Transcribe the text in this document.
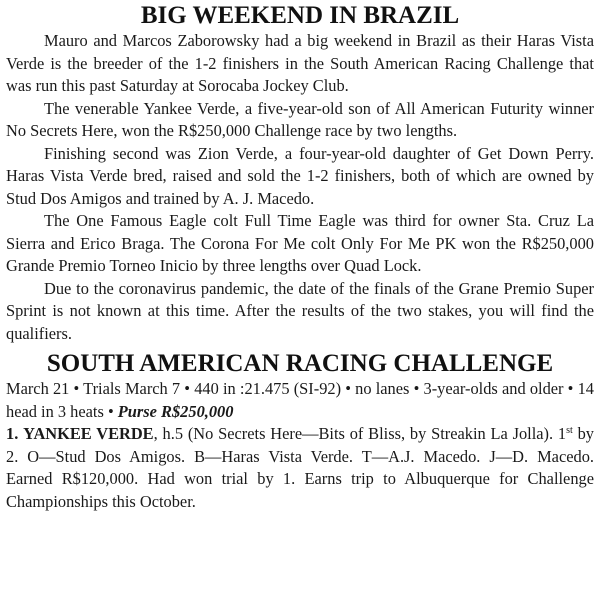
BIG WEEKEND IN BRAZIL

Mauro and Marcos Zaborowsky had a big weekend in Brazil as their Haras Vista Verde is the breeder of the 1-2 finishers in the South American Racing Challenge that was run this past Saturday at Sorocaba Jockey Club.

The venerable Yankee Verde, a five-year-old son of All American Futurity winner No Secrets Here, won the R$250,000 Challenge race by two lengths.

Finishing second was Zion Verde, a four-year-old daughter of Get Down Perry. Haras Vista Verde bred, raised and sold the 1-2 finishers, both of which are owned by Stud Dos Amigos and trained by A. J. Macedo.

The One Famous Eagle colt Full Time Eagle was third for owner Sta. Cruz La Sierra and Erico Braga. The Corona For Me colt Only For Me PK won the R$250,000 Grande Premio Torneo Inicio by three lengths over Quad Lock.

Due to the coronavirus pandemic, the date of the finals of the Grane Premio Super Sprint is not known at this time. After the results of the two stakes, you will find the qualifiers.

SOUTH AMERICAN RACING CHALLENGE

March 21 • Trials March 7 • 440 in :21.475 (SI-92) • no lanes • 3-year-olds and older • 14 head in 3 heats • Purse R$250,000

1. YANKEE VERDE, h.5 (No Secrets Here—Bits of Bliss, by Streakin La Jolla). 1st by 2. O—Stud Dos Amigos. B—Haras Vista Verde. T—A.J. Macedo. J—D. Macedo. Earned R$120,000. Had won trial by 1. Earns trip to Albuquerque for Challenge Championships this October.
